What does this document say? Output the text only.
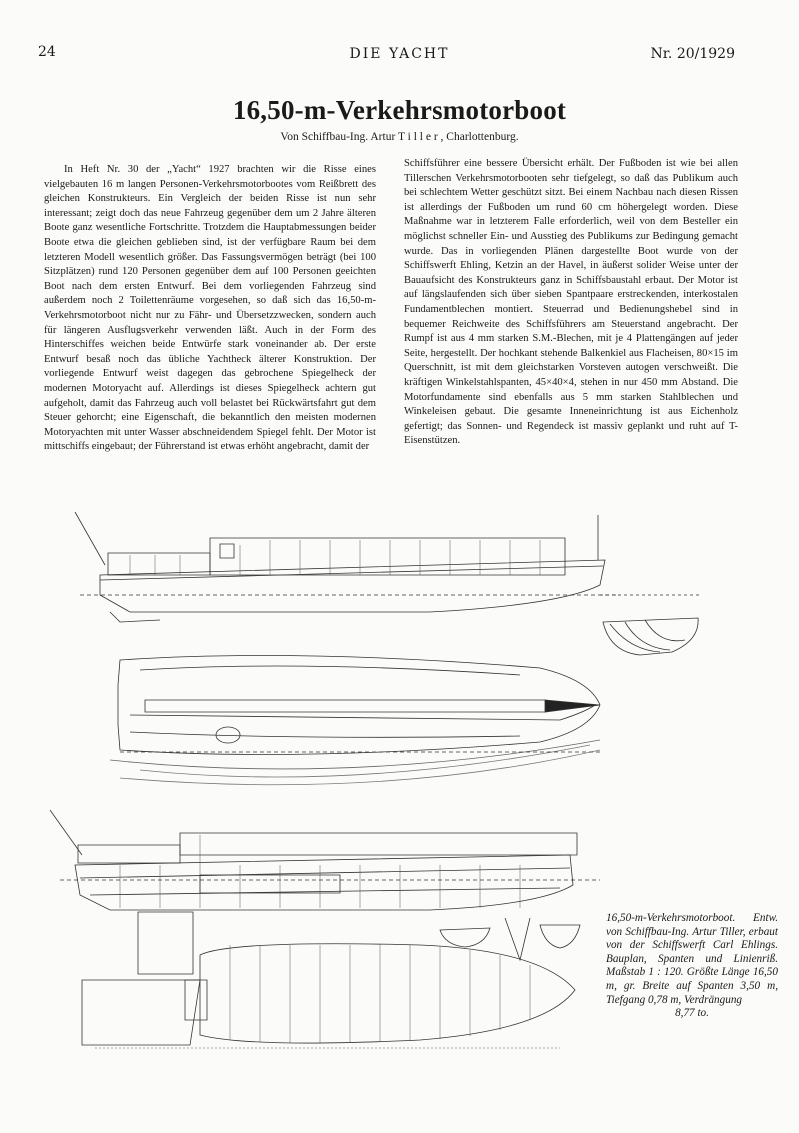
24	DIE YACHT	Nr. 20/1929
16,50-m-Verkehrsmotorboot
Von Schiffbau-Ing. Artur T i l l e r , Charlottenburg.

In Heft Nr. 30 der „Yacht“ 1927 brachten wir die Risse eines vielgebauten 16 m langen Personen-Verkehrsmotorbootes vom Reißbrett des gleichen Konstrukteurs. Ein Vergleich der beiden Risse ist nun sehr interessant; zeigt doch das neue Fahrzeug gegenüber dem um 2 Jahre älteren Boote ganz wesentliche Fortschritte. Trotzdem die Hauptabmessungen beider Boote etwa die gleichen geblieben sind, ist der verfügbare Raum bei dem letzteren Modell wesentlich größer. Das Fassungsvermögen beträgt (bei 100 Sitzplätzen) rund 120 Personen gegenüber dem auf 100 Personen geeichten Boot nach dem ersten Entwurf. Bei dem vorliegenden Fahrzeug sind außerdem noch 2 Toilettenräume vorgesehen, so daß sich das 16,50-m-Verkehrsmotorboot nicht nur zu Fähr- und Übersetzzwecken, sondern auch für längeren Ausflugsverkehr verwenden läßt. Auch in der Form des Hinterschiffes weichen beide Entwürfe stark voneinander ab. Der erste Entwurf besaß noch das übliche Yachtheck älterer Konstruktion. Der vorliegende Entwurf weist dagegen das gebrochene Spiegelheck der modernen Motoryacht auf. Allerdings ist dieses Spiegelheck achtern gut aufgeholt, damit das Fahrzeug auch voll belastet bei Rückwärtsfahrt gut dem Steuer gehorcht; eine Eigenschaft, die bekanntlich den meisten modernen Motoryachten mit unter Wasser abschneidendem Spiegel fehlt. Der Motor ist mittschiffs eingebaut; der Führerstand ist etwas erhöht angebracht, damit der

Schiffsführer eine bessere Übersicht erhält. Der Fußboden ist wie bei allen Tillerschen Verkehrsmotorbooten sehr tiefgelegt, so daß das Publikum auch bei schlechtem Wetter geschützt sitzt. Bei einem Nachbau nach diesen Rissen ist allerdings der Fußboden um rund 60 cm höhergelegt worden. Diese Maßnahme war in letzterem Falle erforderlich, weil von dem Besteller ein möglichst schneller Ein- und Ausstieg des Publikums zur Bedingung gemacht wurde. Das in vorliegenden Plänen dargestellte Boot wurde von der Schiffswerft Ehling, Ketzin an der Havel, in äußerst solider Weise unter der Bauaufsicht des Konstrukteurs ganz in Schiffsbaustahl erbaut. Der Motor ist auf längslaufenden sich über sieben Spantpaare erstreckenden, interkostalen Fundamentblechen montiert. Steuerrad und Bedienungshebel sind in bequemer Reichweite des Schiffsführers am Steuerstand angebracht. Der Rumpf ist aus 4 mm starken S.M.-Blechen, mit je 4 Plattengängen auf jeder Seite, hergestellt. Der hochkant stehende Balkenkiel aus Flacheisen, 80×15 im Querschnitt, ist mit dem gleichstarken Vorsteven autogen verschweißt. Die kräftigen Winkelstahlspanten, 45×40×4, stehen in nur 450 mm Abstand. Die Motorfundamente sind ebenfalls aus 5 mm starken Stahlblechen und Winkeleisen gebaut. Die gesamte Inneneinrichtung ist aus Eichenholz gefertigt; das Sonnen- und Regendeck ist massiv geplankt und ruht auf T-Eisenstützen.

16,50-m-Verkehrsmotorboot. Entw. von Schiffbau-Ing. Artur Tiller, erbaut von der Schiffswerft Carl Ehlings. Bauplan, Spanten und Linienriß. Maßstab 1 : 120. Größte Länge 16,50 m, gr. Breite auf Spanten 3,50 m, Tiefgang 0,78 m, Verdrängung
8,77 to.
